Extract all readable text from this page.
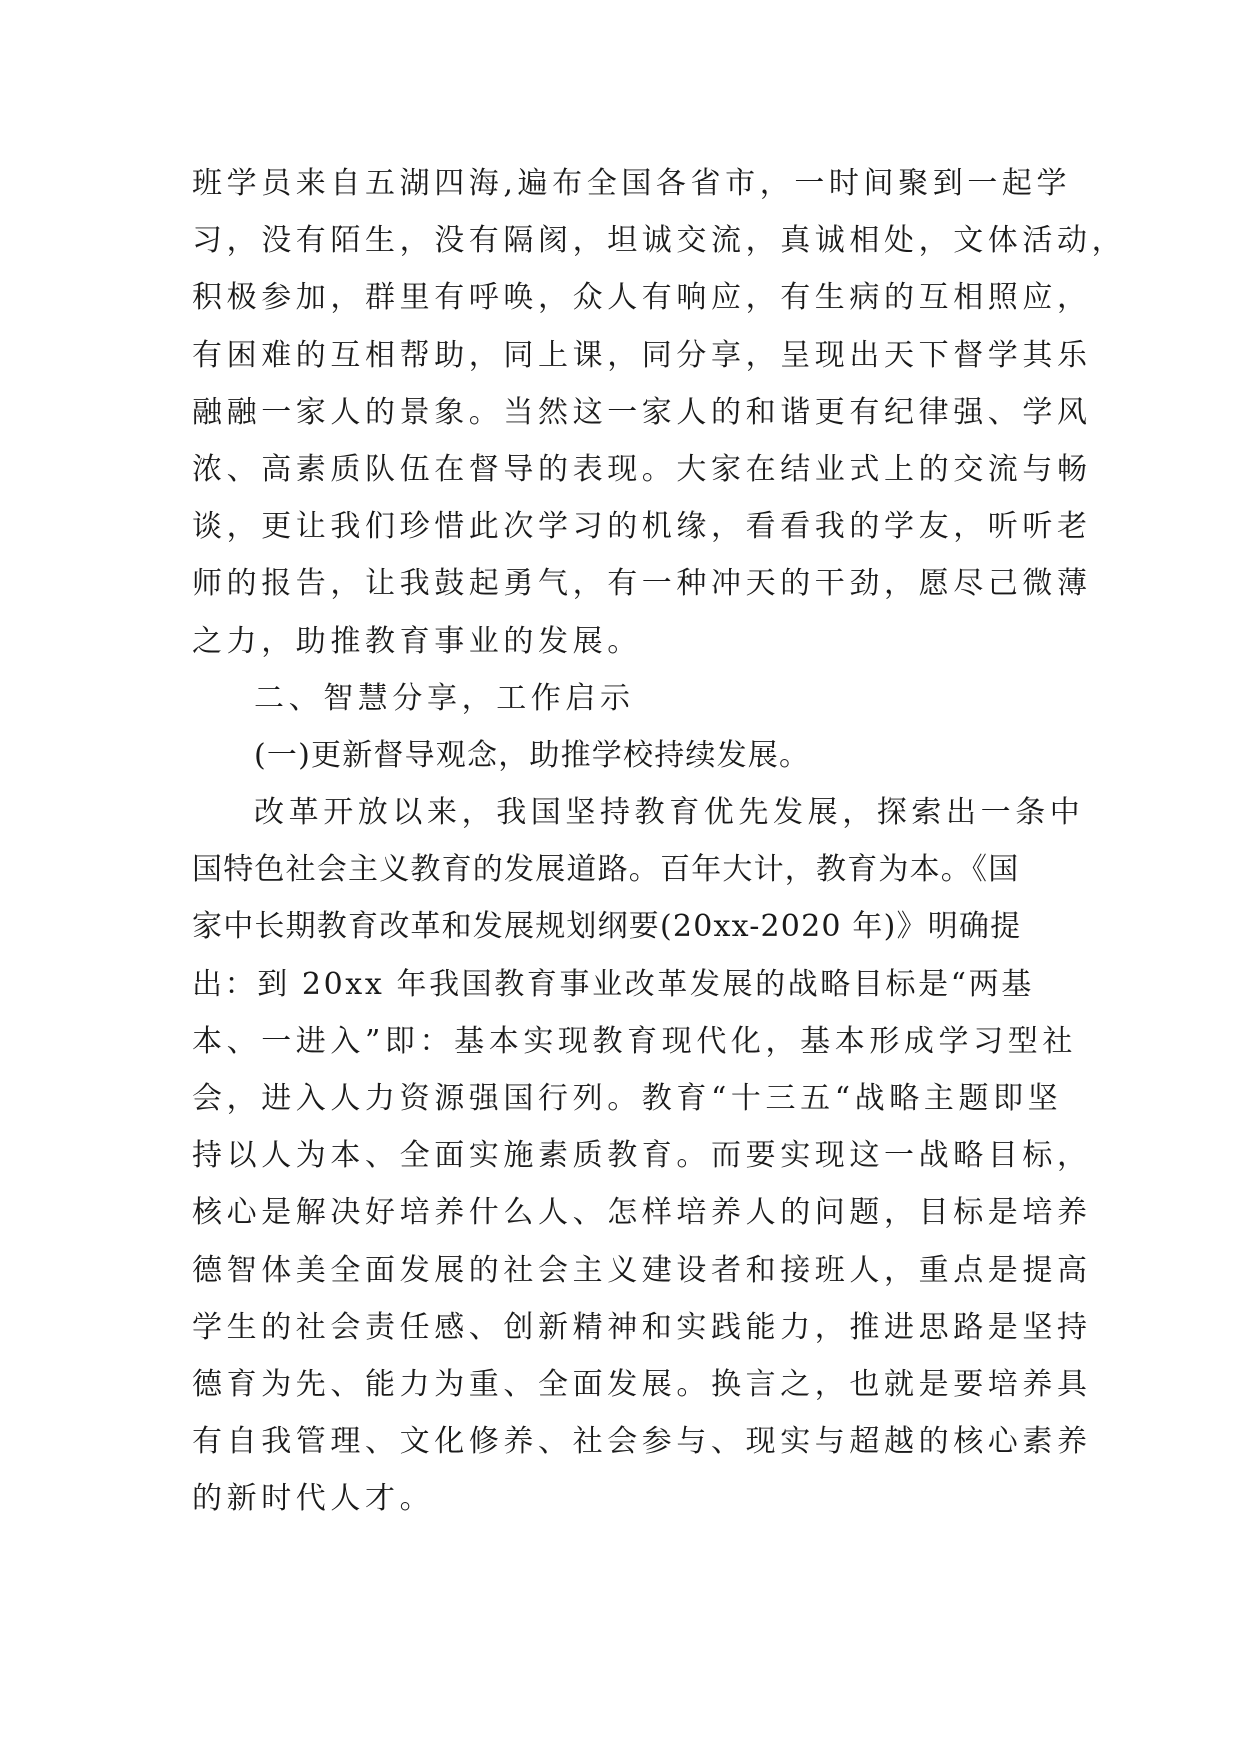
班学员来自五湖四海,遍布全国各省市，一时间聚到一起学
习，没有陌生，没有隔阂，坦诚交流，真诚相处，文体活动，
积极参加，群里有呼唤，众人有响应，有生病的互相照应，
有困难的互相帮助，同上课，同分享，呈现出天下督学其乐
融融一家人的景象。当然这一家人的和谐更有纪律强、学风
浓、高素质队伍在督导的表现。大家在结业式上的交流与畅
谈，更让我们珍惜此次学习的机缘，看看我的学友，听听老
师的报告，让我鼓起勇气，有一种冲天的干劲，愿尽己微薄
之力，助推教育事业的发展。
二、智慧分享，工作启示
(一)更新督导观念，助推学校持续发展。
改革开放以来，我国坚持教育优先发展，探索出一条中
国特色社会主义教育的发展道路。百年大计，教育为本。《国
家中长期教育改革和发展规划纲要(20xx-2020 年)》明确提
出：到 20xx 年我国教育事业改革发展的战略目标是“两基
本、一进入”即：基本实现教育现代化，基本形成学习型社
会，进入人力资源强国行列。教育“十三五“战略主题即坚
持以人为本、全面实施素质教育。而要实现这一战略目标，
核心是解决好培养什么人、怎样培养人的问题，目标是培养
德智体美全面发展的社会主义建设者和接班人，重点是提高
学生的社会责任感、创新精神和实践能力，推进思路是坚持
德育为先、能力为重、全面发展。换言之，也就是要培养具
有自我管理、文化修养、社会参与、现实与超越的核心素养
的新时代人才。
